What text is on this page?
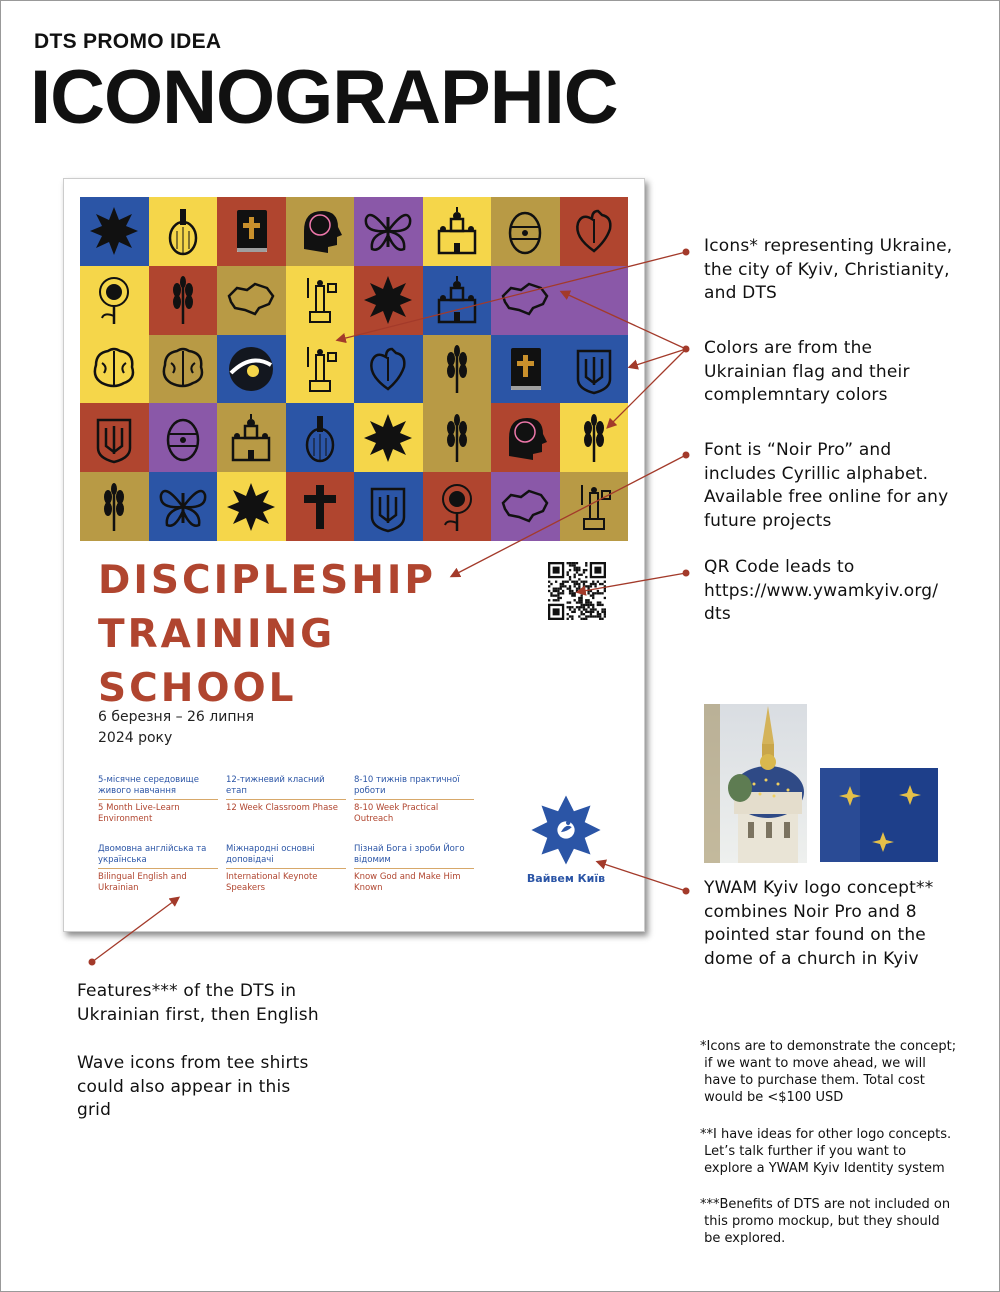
DTS PROMO IDEA
ICONOGRAPHIC
DISCIPLESHIP
TRAINING
SCHOOL
6 березня – 26 липня
2024 року
5-місячне середовище живого навчання
5 Month Live-Learn Environment
12-тижневий класний етап
12 Week Classroom Phase
8-10 тижнів практичної роботи
8-10 Week Practical Outreach
Двомовна англійська та українська
Bilingual English and Ukrainian
Міжнародні основні доповідачі
International Keynote Speakers
Пізнай Бога і зроби Його відомим
Know God and Make Him Known
Вайвем Київ
Icons* representing Ukraine,
the city of Kyiv, Christianity,
and DTS
Colors are from the
Ukrainian flag and their
complemntary colors
Font is “Noir Pro” and
includes Cyrillic alphabet.
Available free online for any
future projects
QR Code leads to
https://www.ywamkyiv.org/
dts
YWAM Kyiv logo concept**
combines Noir Pro and 8
pointed star found on the
dome of a church in Kyiv
Features*** of the DTS in
Ukrainian first, then English
Wave icons from tee shirts
could also appear in this
grid
*Icons are to demonstrate the concept;
if we want to move ahead, we will
have to purchase them. Total cost
would be <$100 USD
**I have ideas for other logo concepts.
Let’s talk further if you want to
explore a YWAM Kyiv Identity system
***Benefits of DTS are not included on
this promo mockup, but they should
be explored.
